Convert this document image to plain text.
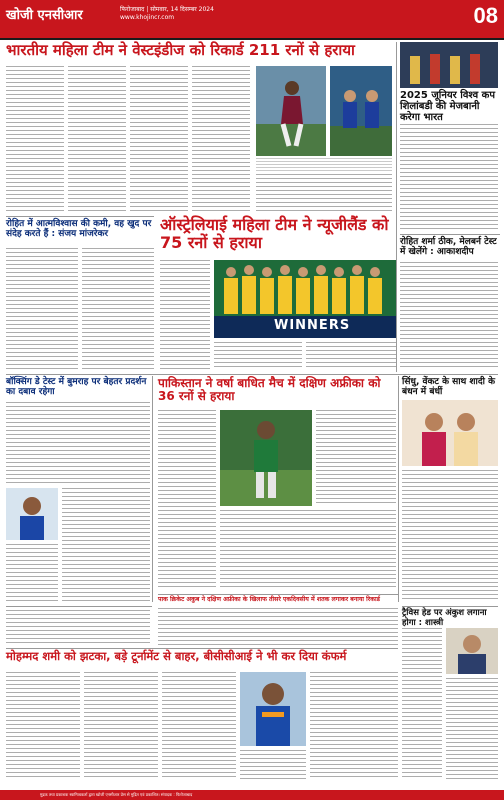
खोजी एनसीआर	फिरोजाबाद | सोमवार, 14 दिसम्बर 2024
www.khojincr.com	08
भारतीय महिला टीम ने वेस्टइंडीज को रिकार्ड 211 रनों से हराया
2025 जूनियर विश्व कप शिलांबडी की मेजबानी करेगा भारत
रोहित शर्मा ठीक, मेलबर्न टेस्ट में खेलेंगे : आकाशदीप
रोहित में आत्मविश्वास की कमी, वह खुद पर संदेह करते हैं : संजय मांजरेकर
ऑस्ट्रेलियाई महिला टीम ने न्यूजीलैंड को 75 रनों से हराया
WINNERS
बॉक्सिंग डे टेस्ट में बुमराह पर बेहतर प्रदर्शन का दबाव रहेगा
पाकिस्तान ने वर्षा बाधित मैच में दक्षिण अफ्रीका को 36 रनों से हराया
सिंधु, वेंकट के साथ शादी के बंधन में बंधीं
पाक क्रिकेट अकुब ने दक्षिण अफ्रीका के खिलाफ तीसरे एकदिवसीय में शतक लगाकर बनाया रिकार्ड
ट्रैविस हेड पर अंकुश लगाना होगा : शास्त्री
मोहम्मद शमी को झटका, बड़े टूर्नामेंट से बाहर, बीसीसीआई ने भी कर दिया कंफर्म
मुद्रक तथा प्रकाशक स्वामित्वकर्ता द्वारा खोजी एनसीआर प्रेस से मुद्रित एवं प्रकाशित। संपादक : फिरोजाबाद
